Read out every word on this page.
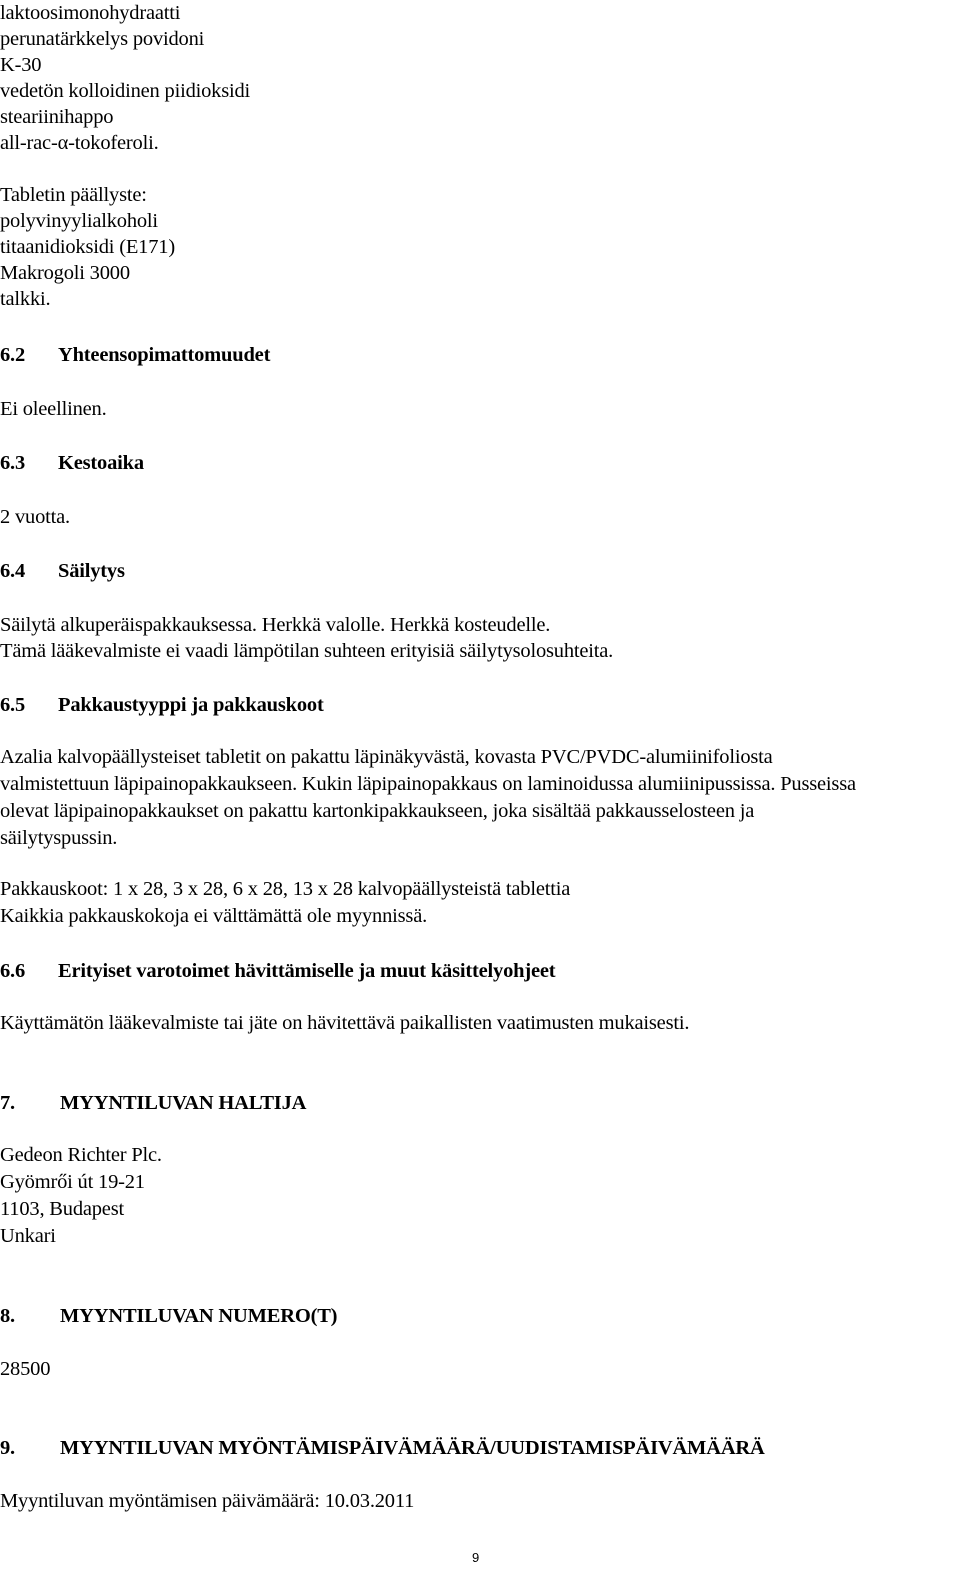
laktoosimonohydraatti
perunatärkkelys povidoni
K-30
vedetön kolloidinen piidioksidi
steariinihappo
all-rac-α-tokoferoli.
Tabletin päällyste:
polyvinyylialkoholi
titaanidioksidi (E171)
Makrogoli 3000
talkki.
6.2 Yhteensopimattomuudet
Ei oleellinen.
6.3 Kestoaika
2 vuotta.
6.4 Säilytys
Säilytä alkuperäispakkauksessa. Herkkä valolle. Herkkä kosteudelle.
Tämä lääkevalmiste ei vaadi lämpötilan suhteen erityisiä säilytysolosuhteita.
6.5 Pakkaustyyppi ja pakkauskoot
Azalia kalvopäällysteiset tabletit on pakattu läpinäkyvästä, kovasta PVC/PVDC-alumiinifoliosta
valmistettuun läpipainopakkaukseen. Kukin läpipainopakkaus on laminoidussa alumiinipussissa. Pusseissa
olevat läpipainopakkaukset on pakattu kartonkipakkaukseen, joka sisältää pakkausselosteen ja
säilytyspussin.
Pakkauskoot: 1 x 28, 3 x 28, 6 x 28, 13 x 28 kalvopäällysteistä tablettia
Kaikkia pakkauskokoja ei välttämättä ole myynnissä.
6.6 Erityiset varotoimet hävittämiselle ja muut käsittelyohjeet
Käyttämätön lääkevalmiste tai jäte on hävitettävä paikallisten vaatimusten mukaisesti.
7. MYYNTILUVAN HALTIJA
Gedeon Richter Plc.
Gyömrői út 19-21
1103, Budapest
Unkari
8. MYYNTILUVAN NUMERO(T)
28500
9. MYYNTILUVAN MYÖNTÄMISPÄIVÄMÄÄRÄ/UUDISTAMISPÄIVÄMÄÄRÄ
Myyntiluvan myöntämisen päivämäärä: 10.03.2011
9
